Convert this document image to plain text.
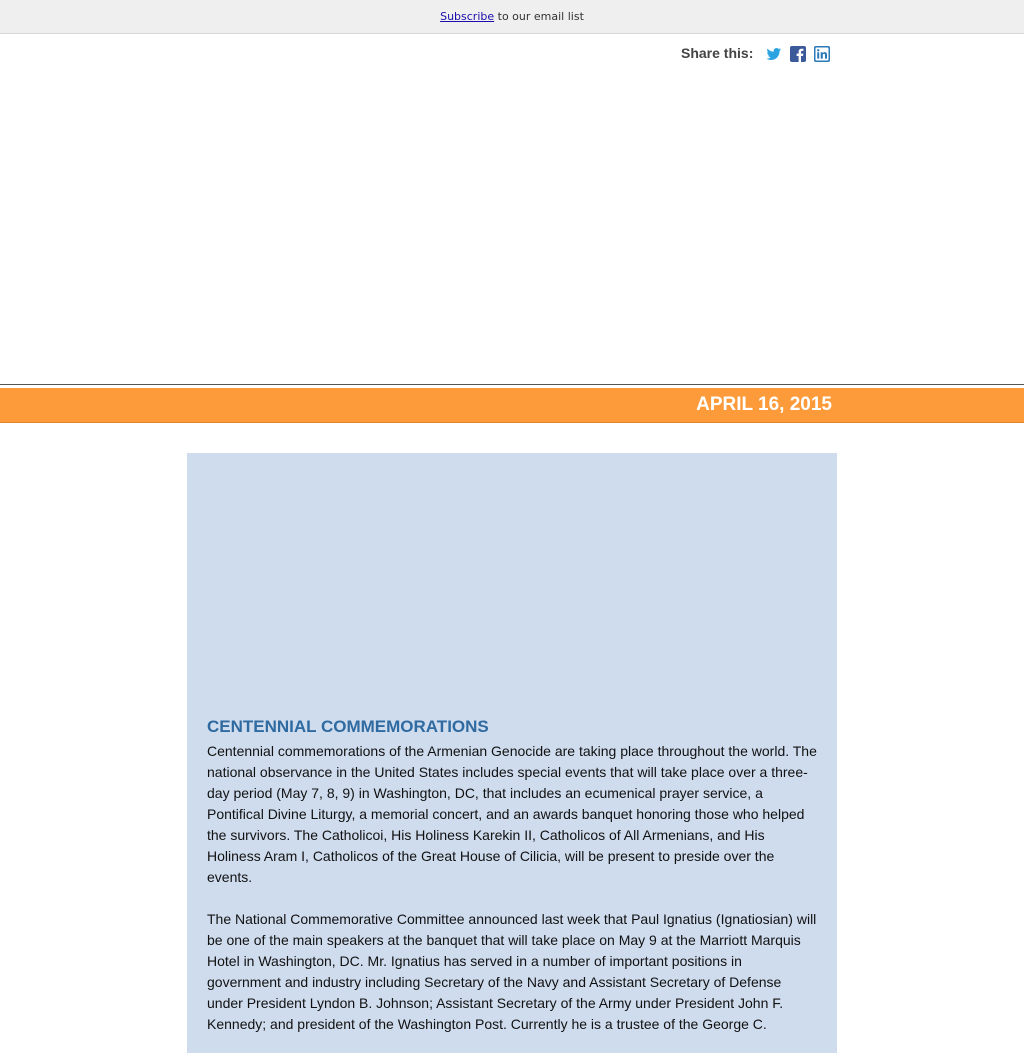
Subscribe to our email list
Share this:
APRIL 16, 2015
CENTENNIAL COMMEMORATIONS

Centennial commemorations of the Armenian Genocide are taking place throughout the world. The national observance in the United States includes special events that will take place over a three-day period (May 7, 8, 9) in Washington, DC, that includes an ecumenical prayer service, a Pontifical Divine Liturgy, a memorial concert, and an awards banquet honoring those who helped the survivors. The Catholicoi, His Holiness Karekin II, Catholicos of All Armenians, and His Holiness Aram I, Catholicos of the Great House of Cilicia, will be present to preside over the events.

The National Commemorative Committee announced last week that Paul Ignatius (Ignatiosian) will be one of the main speakers at the banquet that will take place on May 9 at the Marriott Marquis Hotel in Washington, DC. Mr. Ignatius has served in a number of important positions in government and industry including Secretary of the Navy and Assistant Secretary of Defense under President Lyndon B. Johnson; Assistant Secretary of the Army under President John F. Kennedy; and president of the Washington Post. Currently he is a trustee of the George C.
